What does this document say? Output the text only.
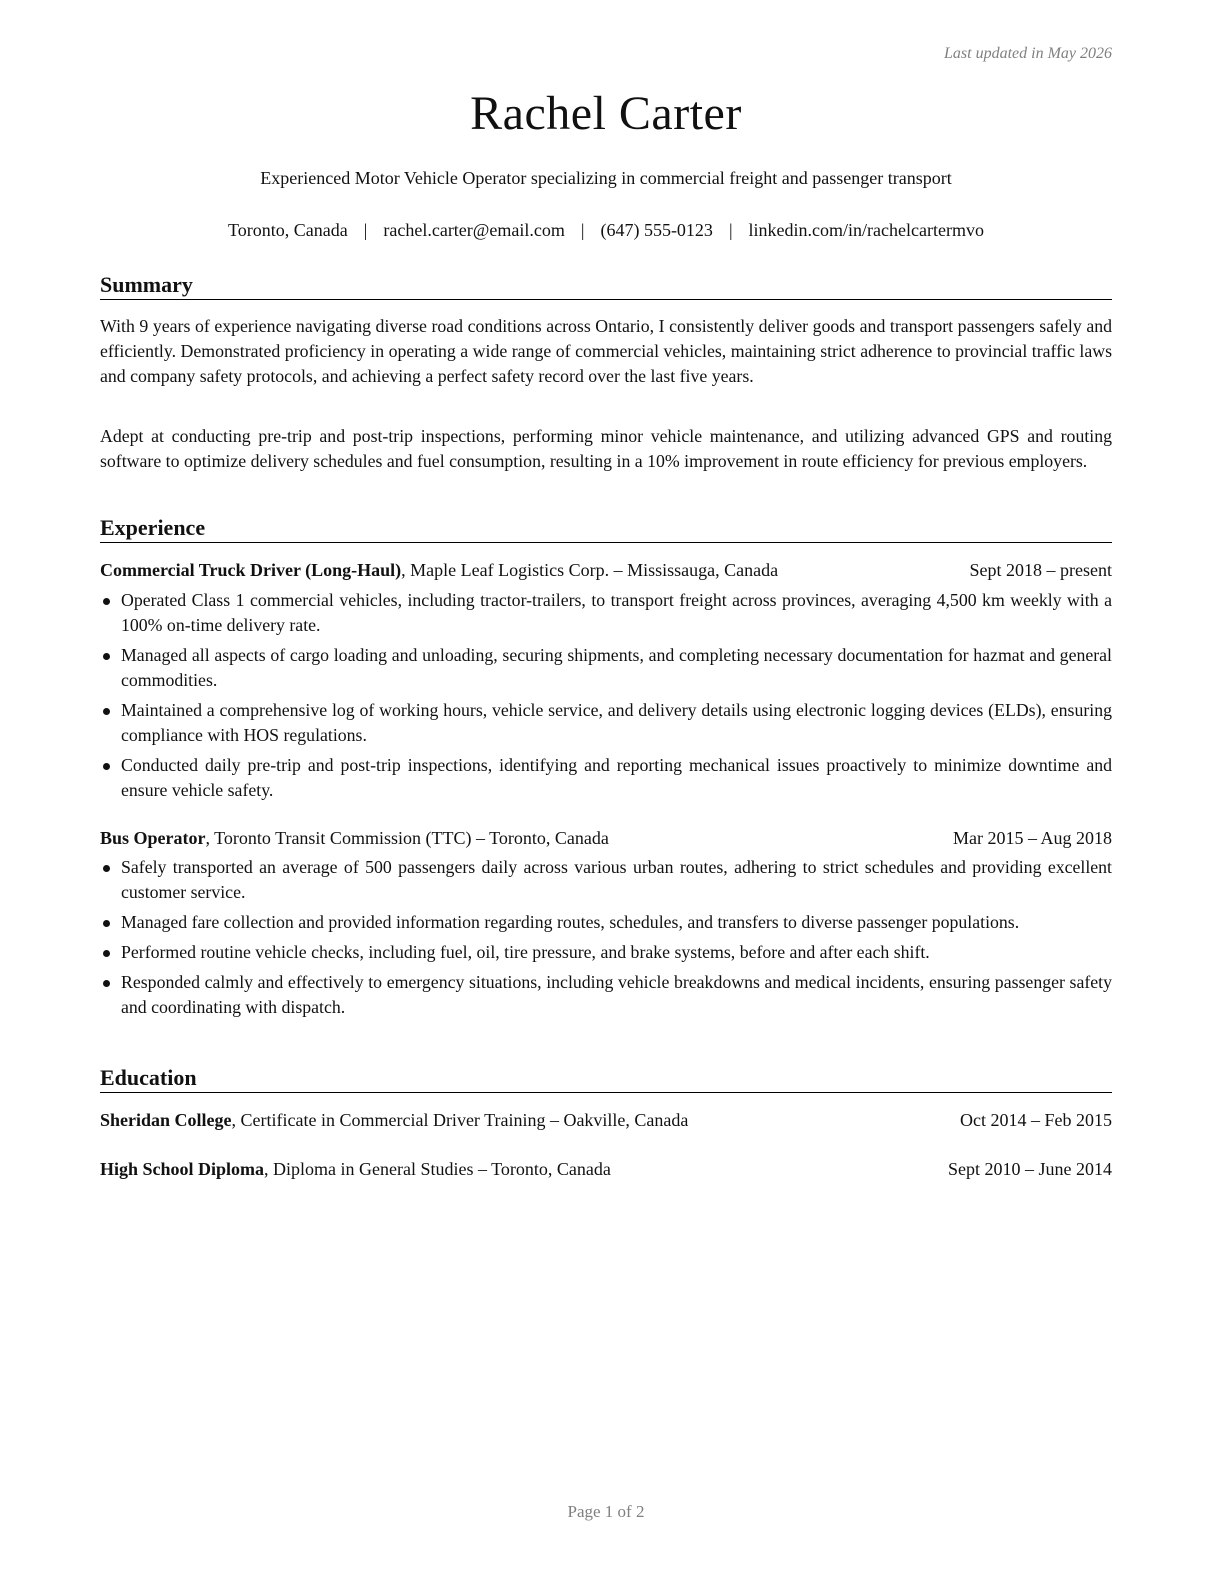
Last updated in May 2026
Rachel Carter
Experienced Motor Vehicle Operator specializing in commercial freight and passenger transport
Toronto, Canada | rachel.carter@email.com | (647) 555-0123 | linkedin.com/in/rachelcartermvo
Summary
With 9 years of experience navigating diverse road conditions across Ontario, I consistently deliver goods and transport passengers safely and efficiently. Demonstrated proficiency in operating a wide range of commercial vehicles, maintaining strict adherence to provincial traffic laws and company safety protocols, and achieving a perfect safety record over the last five years.
Adept at conducting pre-trip and post-trip inspections, performing minor vehicle maintenance, and utilizing advanced GPS and routing software to optimize delivery schedules and fuel consumption, resulting in a 10% improvement in route efficiency for previous employers.
Experience
Commercial Truck Driver (Long-Haul), Maple Leaf Logistics Corp. – Mississauga, Canada	Sept 2018 – present
Operated Class 1 commercial vehicles, including tractor-trailers, to transport freight across provinces, averaging 4,500 km weekly with a 100% on-time delivery rate.
Managed all aspects of cargo loading and unloading, securing shipments, and completing necessary documentation for hazmat and general commodities.
Maintained a comprehensive log of working hours, vehicle service, and delivery details using electronic logging devices (ELDs), ensuring compliance with HOS regulations.
Conducted daily pre-trip and post-trip inspections, identifying and reporting mechanical issues proactively to minimize downtime and ensure vehicle safety.
Bus Operator, Toronto Transit Commission (TTC) – Toronto, Canada	Mar 2015 – Aug 2018
Safely transported an average of 500 passengers daily across various urban routes, adhering to strict schedules and providing excellent customer service.
Managed fare collection and provided information regarding routes, schedules, and transfers to diverse passenger populations.
Performed routine vehicle checks, including fuel, oil, tire pressure, and brake systems, before and after each shift.
Responded calmly and effectively to emergency situations, including vehicle breakdowns and medical incidents, ensuring passenger safety and coordinating with dispatch.
Education
Sheridan College, Certificate in Commercial Driver Training – Oakville, Canada	Oct 2014 – Feb 2015
High School Diploma, Diploma in General Studies – Toronto, Canada	Sept 2010 – June 2014
Page 1 of 2
